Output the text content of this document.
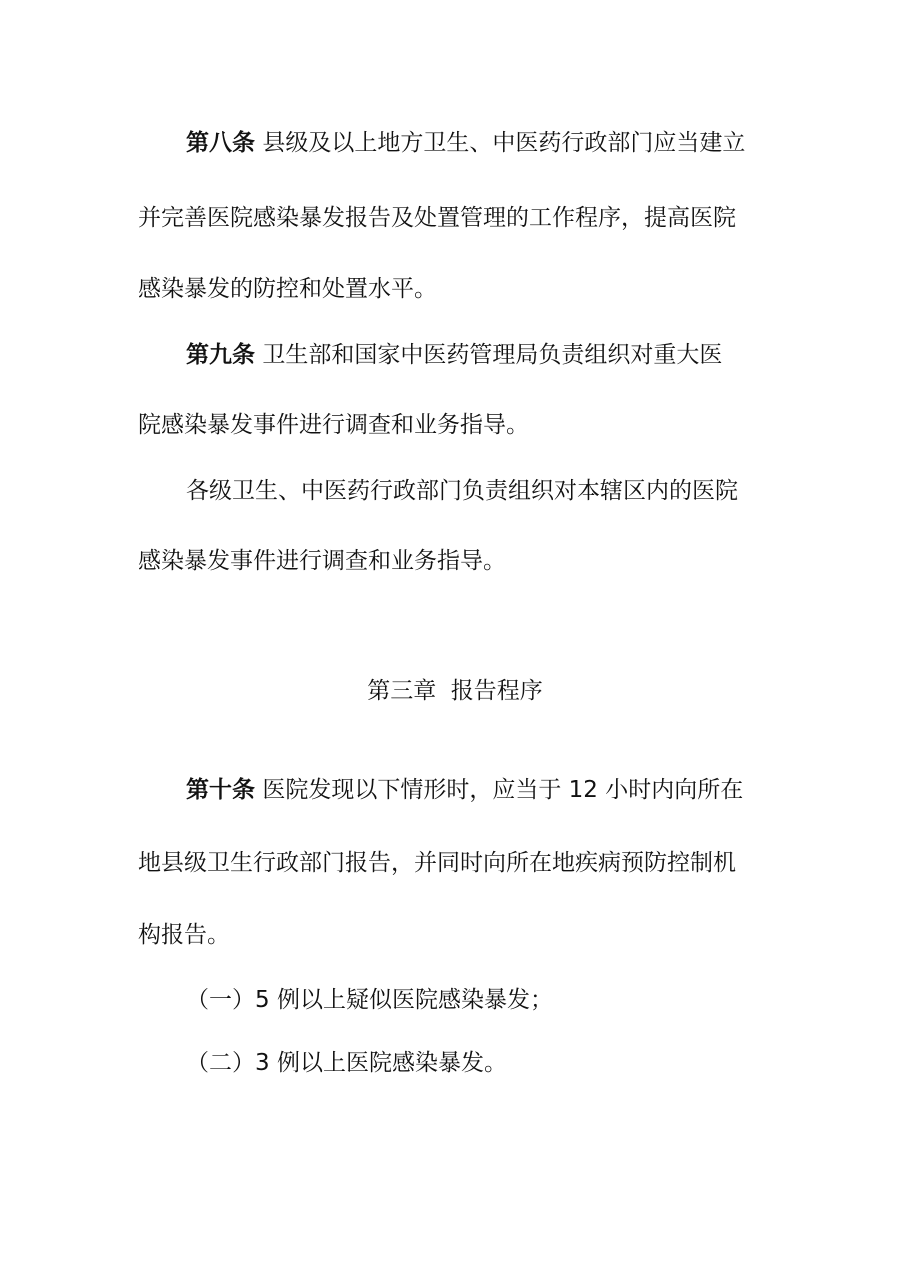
第八条 县级及以上地方卫生、中医药行政部门应当建立
并完善医院感染暴发报告及处置管理的工作程序，提高医院
感染暴发的防控和处置水平。
第九条 卫生部和国家中医药管理局负责组织对重大医
院感染暴发事件进行调查和业务指导。
各级卫生、中医药行政部门负责组织对本辖区内的医院
感染暴发事件进行调查和业务指导。
第三章  报告程序
第十条 医院发现以下情形时，应当于 12 小时内向所在
地县级卫生行政部门报告，并同时向所在地疾病预防控制机
构报告。
（一）5 例以上疑似医院感染暴发；
（二）3 例以上医院感染暴发。
